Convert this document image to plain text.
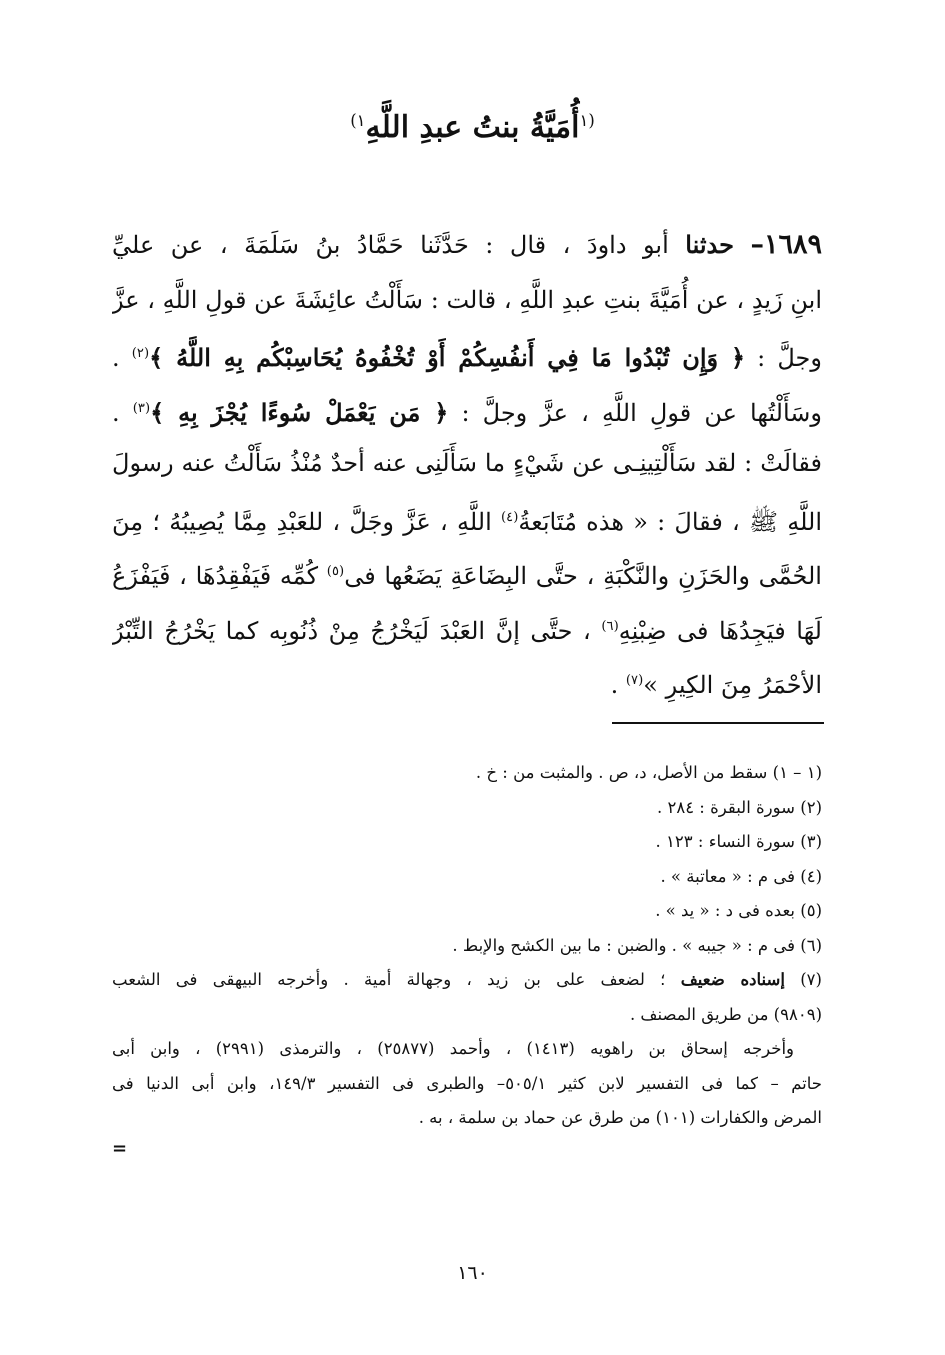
$^{(١}$أُمَيَّةُ بنتُ عبدِ اللَّهِ$^{١)}$
١٦٨٩– حدثنا أبو داودَ ، قال : حَدَّثَنا حَمَّادُ بنُ سَلَمَةَ ، عن عليِّ
ابنِ زَيدٍ ، عن أُمَيَّةَ بنتِ عبدِ اللَّهِ ، قالت : سَأَلْتُ عائِشَةَ عن قولِ اللَّهِ ، عزَّ
وجلَّ : ﴿ وَإِن تُبْدُوا مَا فِي أَنفُسِكُمْ أَوْ تُخْفُوهُ يُحَاسِبْكُم بِهِ اللَّهُ ﴾$^{(٢)}$ .
وسَأَلْتُها عن قولِ اللَّهِ ، عزَّ وجلَّ : ﴿ مَن يَعْمَلْ سُوءًا يُجْزَ بِهِ ﴾$^{(٣)}$ .
فقالَتْ : لقد سَأَلْتِينِـى عن شَيْءٍ ما سَأَلَنِى عنه أحدٌ مُنْذُ سَأَلْتُ عنه رسولَ
اللَّهِ ﷺ ، فقالَ : « هذه مُتَابَعةُ$^{(٤)}$ اللَّهِ ، عَزَّ وجَلَّ ، للعَبْدِ مِمَّا يُصِيبُهُ ؛ مِنَ
الحُمَّى والحَزَنِ والنَّكْبَةِ ، حتَّى البِضَاعَةِ يَضَعُها فى$^{(٥)}$ كُمِّه فَيَفْقِدُهَا ، فَيَفْزَعُ
لَهَا فيَجِدُهَا فى ضِبْنِهِ$^{(٦)}$ ، حتَّى إنَّ العَبْدَ لَيَخْرُجُ مِنْ ذُنُوبِه كما يَخْرُجُ التِّبْرُ
الأحْمَرُ مِنَ الكِيرِ »$^{(٧)}$ .
(١ – ١) سقط من الأصل، د، ص . والمثبت من : خ .
(٢) سورة البقرة : ٢٨٤ .
(٣) سورة النساء : ١٢٣ .
(٤) فى م : « معاتبة » .
(٥) بعده فى د : « يد » .
(٦) فى م : « جيبه » . والضبن : ما بين الكشح والإبط .
(٧) إسناده ضعيف ؛ لضعف على بن زيد ، وجهالة أمية . وأخرجه البيهقى فى الشعب
(٩٨٠٩) من طريق المصنف .
وأخرجه إسحاق بن راهويه (١٤١٣) ، وأحمد (٢٥٨٧٧) ، والترمذى (٢٩٩١) ، وابن أبى
حاتم – كما فى التفسير لابن كثير ٥٠٥/١– والطبرى فى التفسير ١٤٩/٣، وابن أبى الدنيا فى
المرض والكفارات (١٠١) من طرق عن حماد بن سلمة ، به .
=
١٦٠
